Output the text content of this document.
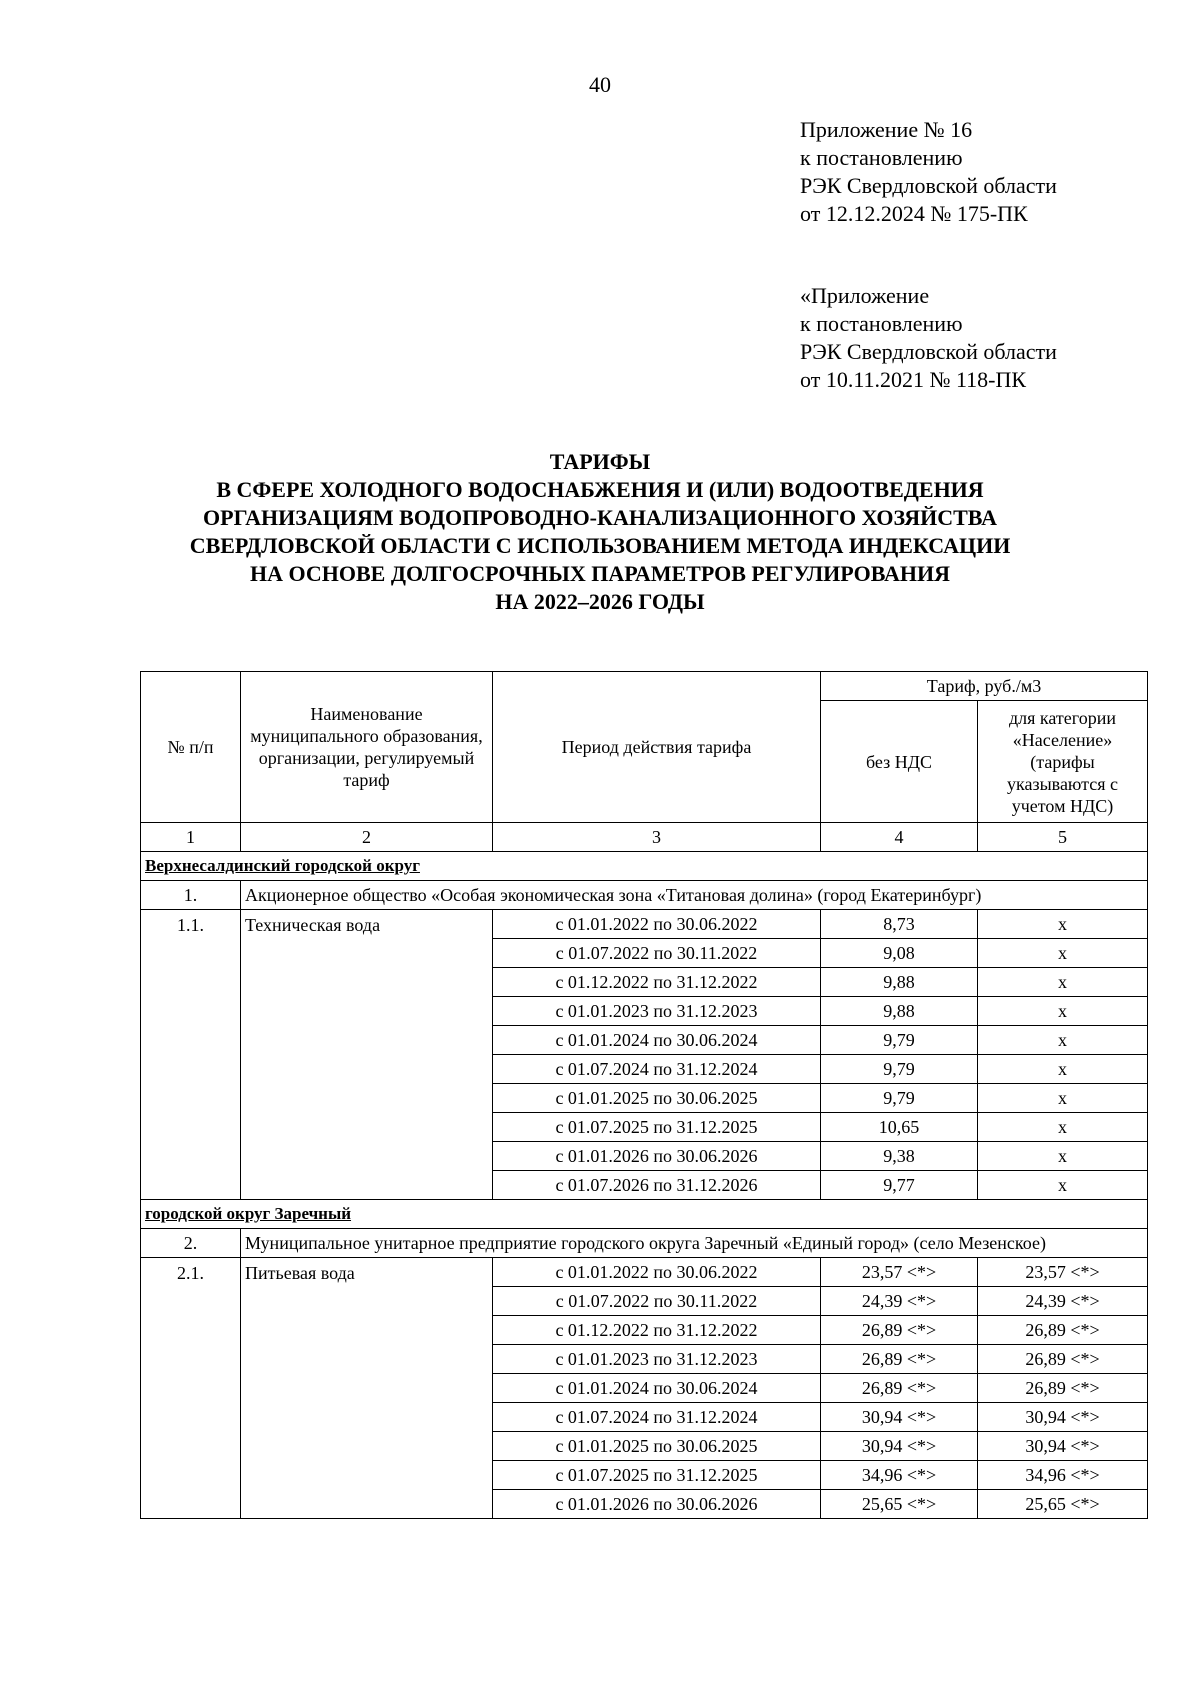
40
Приложение № 16
к постановлению
РЭК Свердловской области
от 12.12.2024 № 175-ПК
«Приложение
к постановлению
РЭК Свердловской области
от 10.11.2021 № 118-ПК
ТАРИФЫ
В СФЕРЕ ХОЛОДНОГО ВОДОСНАБЖЕНИЯ И (ИЛИ) ВОДООТВЕДЕНИЯ
ОРГАНИЗАЦИЯМ ВОДОПРОВОДНО-КАНАЛИЗАЦИОННОГО ХОЗЯЙСТВА
СВЕРДЛОВСКОЙ ОБЛАСТИ С ИСПОЛЬЗОВАНИЕМ МЕТОДА ИНДЕКСАЦИИ
НА ОСНОВЕ ДОЛГОСРОЧНЫХ ПАРАМЕТРОВ РЕГУЛИРОВАНИЯ
НА 2022–2026 ГОДЫ
№ п/п	Наименование муниципального образования, организации, регулируемый тариф	Период действия тарифа	Тариф, руб./м3	
			без НДС	для категории «Население» (тарифы указываются с учетом НДС)
1	2	3	4	5
Верхнесалдинский городской округ				
1.	Акционерное общество «Особая экономическая зона «Титановая долина» (город Екатеринбург)			
1.1.	Техническая вода	с 01.01.2022 по 30.06.2022	8,73	х
		с 01.07.2022 по 30.11.2022	9,08	х
		с 01.12.2022 по 31.12.2022	9,88	х
		с 01.01.2023 по 31.12.2023	9,88	х
		с 01.01.2024 по 30.06.2024	9,79	х
		с 01.07.2024 по 31.12.2024	9,79	х
		с 01.01.2025 по 30.06.2025	9,79	х
		с 01.07.2025 по 31.12.2025	10,65	х
		с 01.01.2026 по 30.06.2026	9,38	х
		с 01.07.2026 по 31.12.2026	9,77	х
городской округ Заречный				
2.	Муниципальное унитарное предприятие городского округа Заречный «Единый город» (село Мезенское)			
2.1.	Питьевая вода	с 01.01.2022 по 30.06.2022	23,57 <*>	23,57 <*>
		с 01.07.2022 по 30.11.2022	24,39 <*>	24,39 <*>
		с 01.12.2022 по 31.12.2022	26,89 <*>	26,89 <*>
		с 01.01.2023 по 31.12.2023	26,89 <*>	26,89 <*>
		с 01.01.2024 по 30.06.2024	26,89 <*>	26,89 <*>
		с 01.07.2024 по 31.12.2024	30,94 <*>	30,94 <*>
		с 01.01.2025 по 30.06.2025	30,94 <*>	30,94 <*>
		с 01.07.2025 по 31.12.2025	34,96 <*>	34,96 <*>
		с 01.01.2026 по 30.06.2026	25,65 <*>	25,65 <*>
